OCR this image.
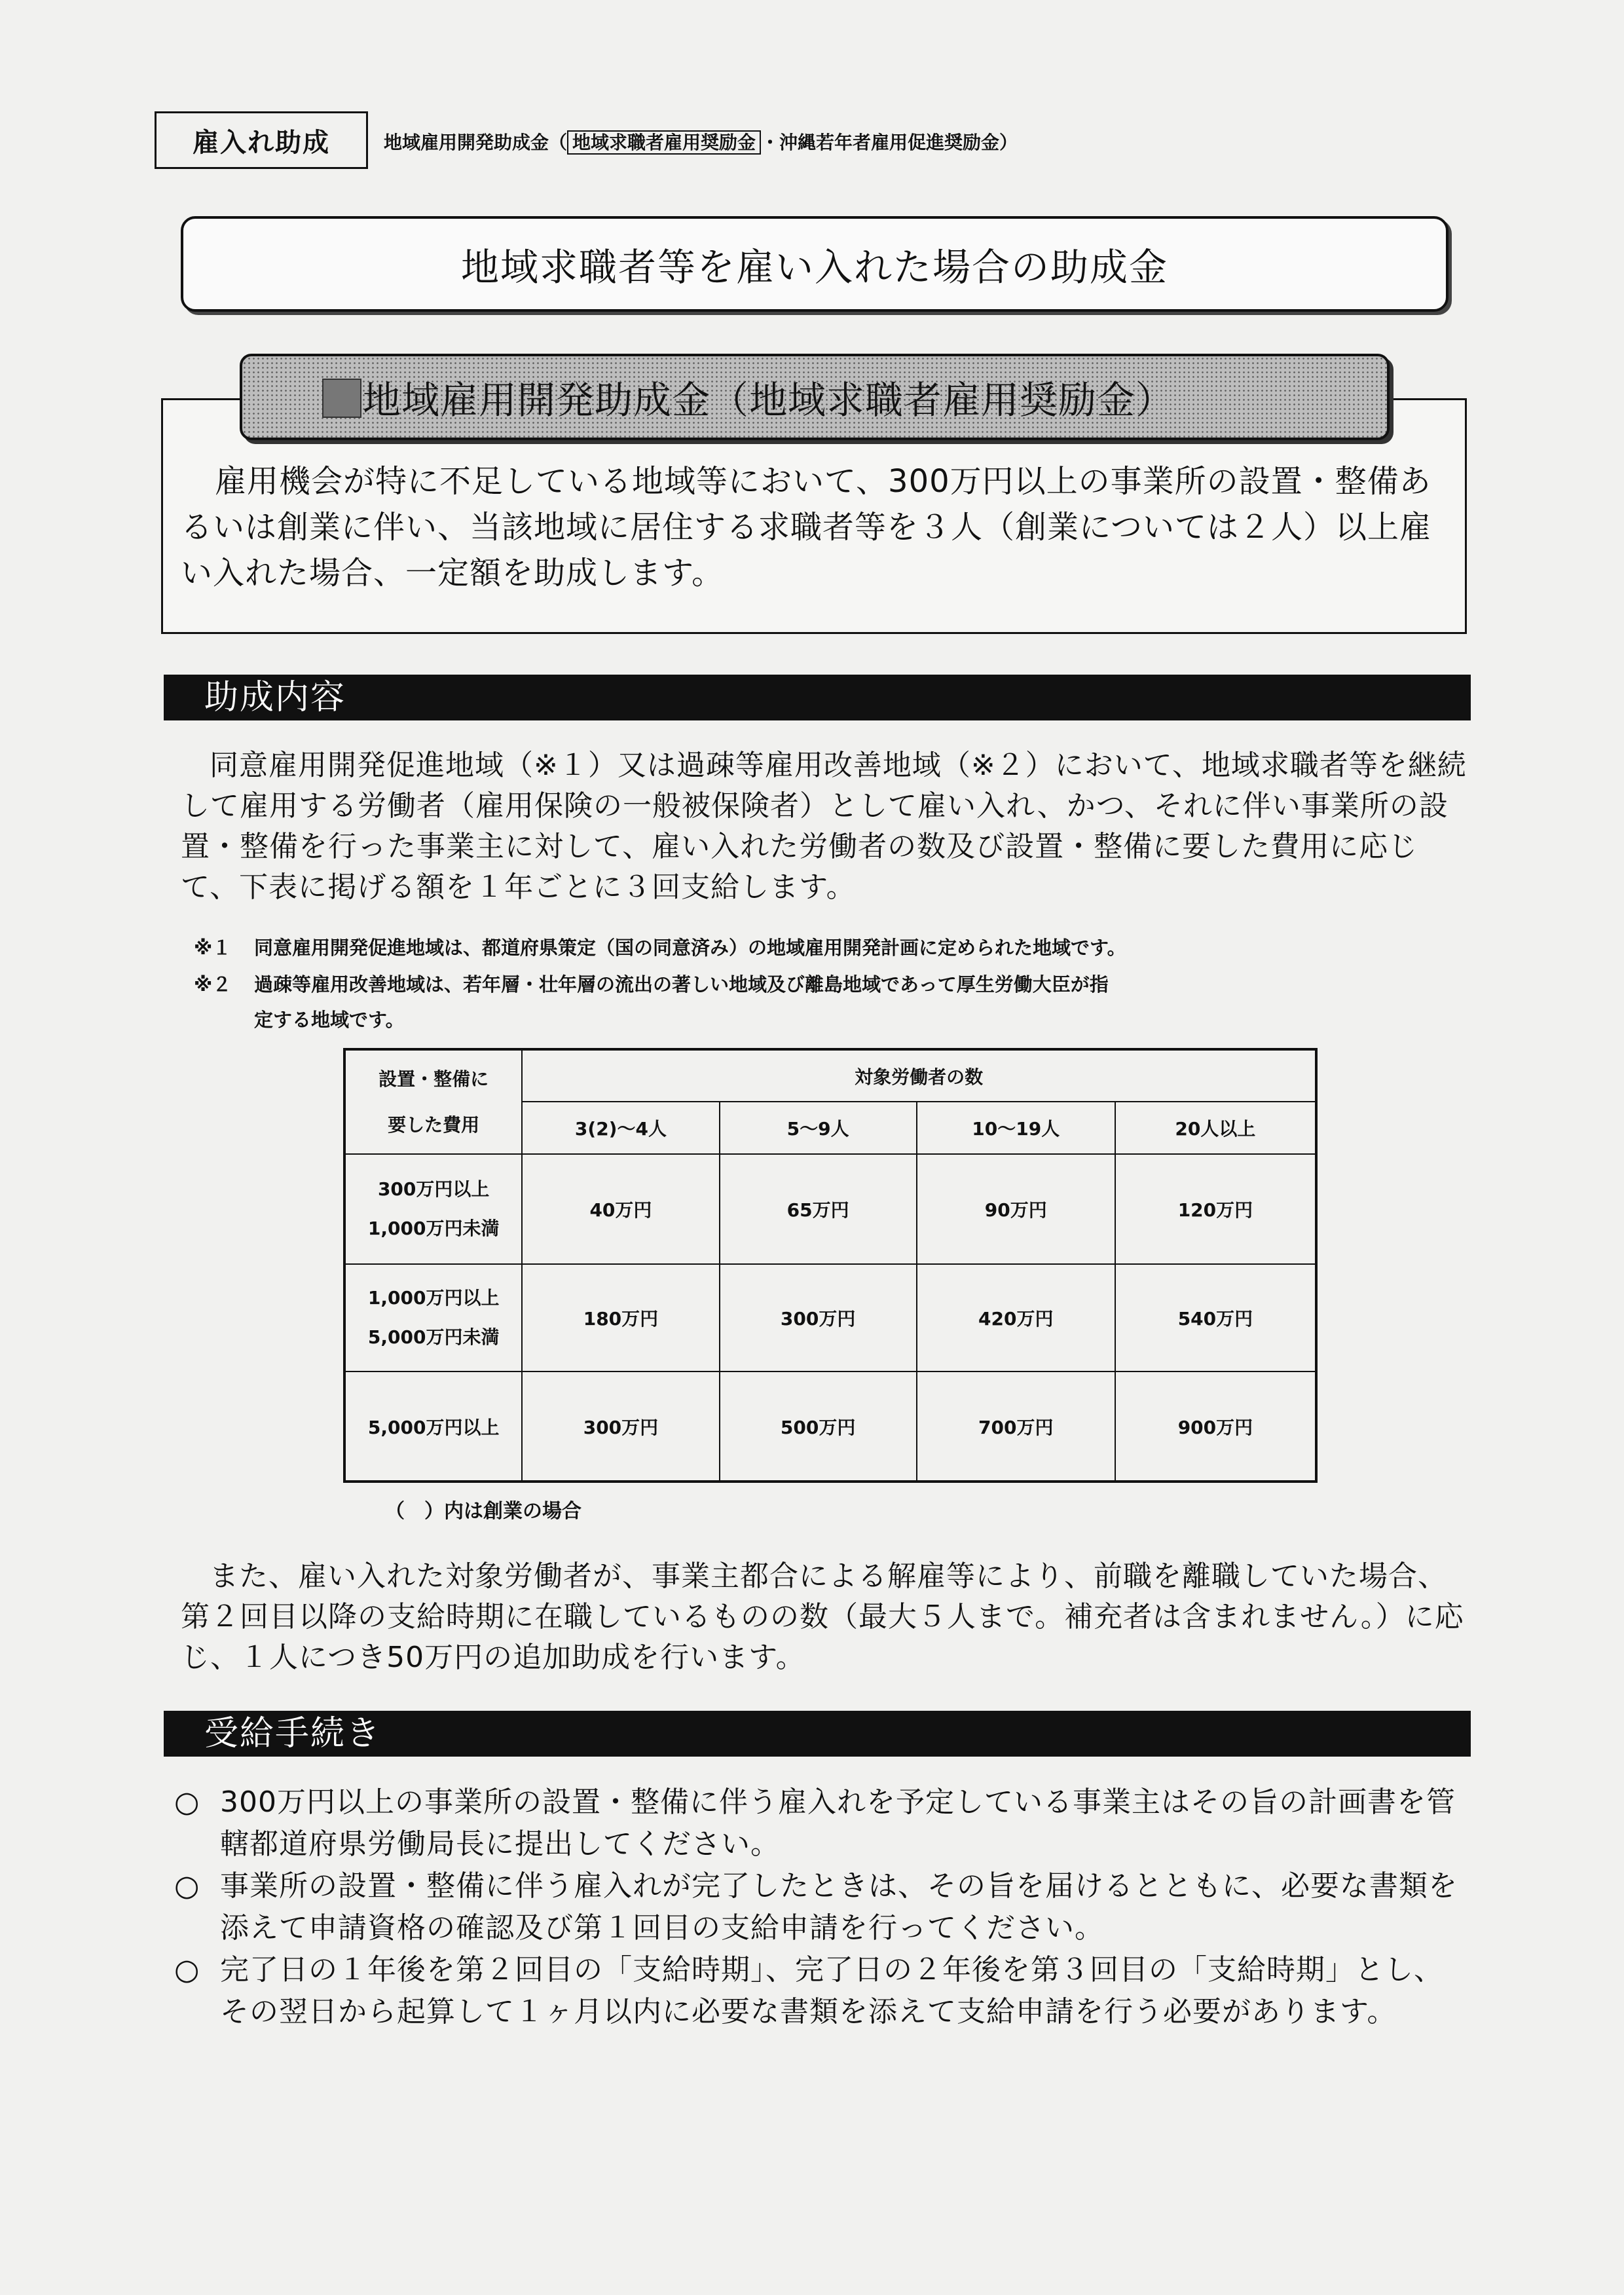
雇入れ助成	地域雇用開発助成金（ 地域求職者雇用奨励金 ・沖縄若年者雇用促進奨励金）
地域求職者等を雇い入れた場合の助成金
地域雇用開発助成金（地域求職者雇用奨励金）
雇用機会が特に不足している地域等において、300万円以上の事業所の設置・整備あるいは創業に伴い、当該地域に居住する求職者等を３人（創業については２人）以上雇い入れた場合、一定額を助成します。
助成内容
同意雇用開発促進地域（※１）又は過疎等雇用改善地域（※２）において、地域求職者等を継続して雇用する労働者（雇用保険の一般被保険者）として雇い入れ、かつ、それに伴い事業所の設置・整備を行った事業主に対して、雇い入れた労働者の数及び設置・整備に要した費用に応じて、下表に掲げる額を１年ごとに３回支給します。
※１ 同意雇用開発促進地域は、都道府県策定（国の同意済み）の地域雇用開発計画に定められた地域です。
※２ 過疎等雇用改善地域は、若年層・壮年層の流出の著しい地域及び離島地域であって厚生労働大臣が指
定する地域です。
設置・整備に
要した費用	対象労働者の数			
	3(2)～4人	5～9人	10～19人	20人以上

300万円以上
1,000万円未満	40万円	65万円	90万円	120万円

1,000万円以上
5,000万円未満	180万円	300万円	420万円	540万円
5,000万円以上	300万円	500万円	700万円	900万円
（　）内は創業の場合
また、雇い入れた対象労働者が、事業主都合による解雇等により、前職を離職していた場合、第２回目以降の支給時期に在職しているものの数（最大５人まで。補充者は含まれません。）に応じ、１人につき50万円の追加助成を行います。
受給手続き
○ 300万円以上の事業所の設置・整備に伴う雇入れを予定している事業主はその旨の計画書を管轄都道府県労働局長に提出してください。
○ 事業所の設置・整備に伴う雇入れが完了したときは、その旨を届けるとともに、必要な書類を添えて申請資格の確認及び第１回目の支給申請を行ってください。
○ 完了日の１年後を第２回目の「支給時期」、完了日の２年後を第３回目の「支給時期」とし、その翌日から起算して１ヶ月以内に必要な書類を添えて支給申請を行う必要があります。
